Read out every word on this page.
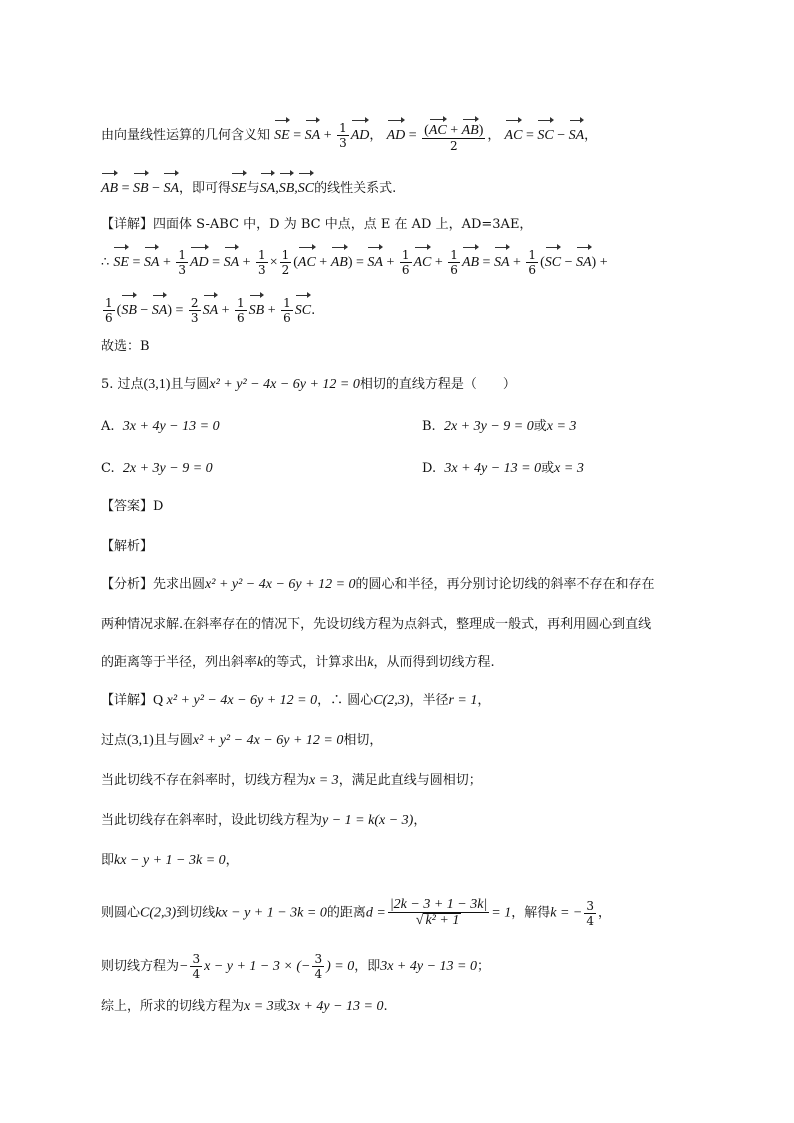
由向量线性运算的几何含义知 SE = SA + $\frac{1}{3}$ AD， AD = $\frac{(AC + AB)}{2}$ ， AC = SC − SA，
AB = SB − SA，即可得SE与SA,SB,SC的线性关系式.
【详解】四面体 S-ABC 中，D 为 BC 中点，点 E 在 AD 上，AD=3AE，
∴ SE = SA + $\frac{1}{3}$ AD = SA + $\frac{1}{3} \times \frac{1}{2} (AC + AB)$ = SA + $\frac{1}{6}$ AC + $\frac{1}{6}$ AB = SA + $\frac{1}{6} (SC - SA)$ +
$\frac{1}{6} (SB - SA) = \frac{2}{3}$ SA + $\frac{1}{6}$ SB + $\frac{1}{6}$ SC.
故选：B
5. 过点(3,1)且与圆x² + y² − 4x − 6y + 12 = 0相切的直线方程是（　　）
A. 3x + 4y − 13 = 0	B. 2x + 3y − 9 = 0或x = 3
C. 2x + 3y − 9 = 0	D. 3x + 4y − 13 = 0或x = 3
【答案】D
【解析】
【分析】先求出圆x² + y² − 4x − 6y + 12 = 0的圆心和半径，再分别讨论切线的斜率不存在和存在
两种情况求解.在斜率存在的情况下，先设切线方程为点斜式，整理成一般式，再利用圆心到直线
的距离等于半径，列出斜率k的等式，计算求出k，从而得到切线方程.
【详解】Q x² + y² − 4x − 6y + 12 = 0，∴ 圆心C(2,3)，半径r = 1，
过点(3,1)且与圆x² + y² − 4x − 6y + 12 = 0相切，
当此切线不存在斜率时，切线方程为x = 3，满足此直线与圆相切；
当此切线存在斜率时，设此切线方程为y − 1 = k(x − 3)，
即kx − y + 1 − 3k = 0，
则圆心C(2,3)到切线kx − y + 1 − 3k = 0的距离$d = \frac{|2k - 3 + 1 - 3k|}{\text{√ k² + 1}} = 1$，解得k = − $\frac{3}{4}$ ，
则切线方程为− $\frac{3}{4}$ x − y + 1 − 3 × (− $\frac{3}{4}$ ) = 0，即3x + 4y − 13 = 0；
综上，所求的切线方程为x = 3或3x + 4y − 13 = 0.
